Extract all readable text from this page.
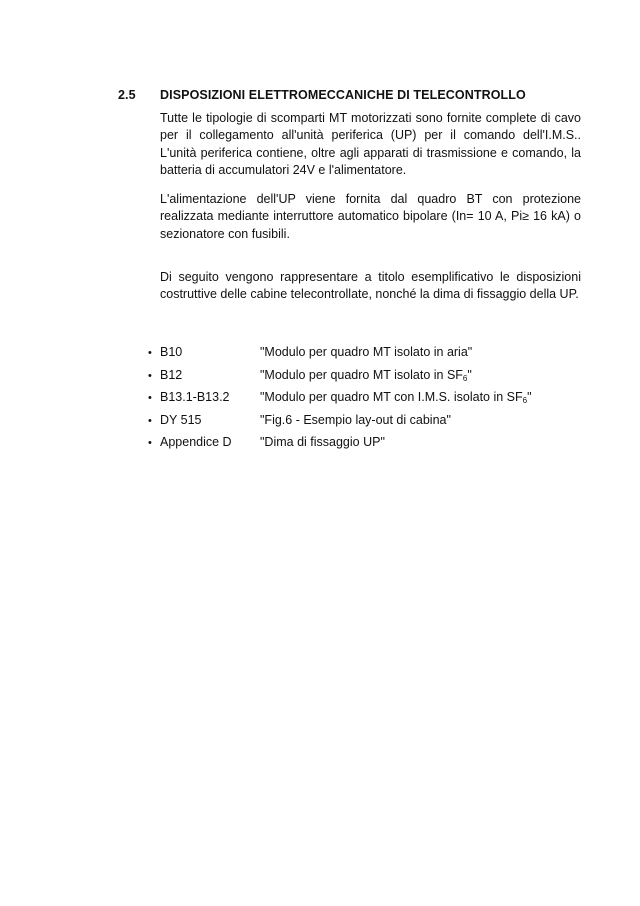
2.5	DISPOSIZIONI ELETTROMECCANICHE DI TELECONTROLLO
Tutte le tipologie di scomparti MT motorizzati sono fornite complete di cavo per il collegamento all'unità periferica (UP) per il comando dell'I.M.S.. L'unità periferica contiene, oltre agli apparati di trasmissione e comando, la batteria di accumulatori 24V e l'alimentatore.
L'alimentazione dell'UP viene fornita dal quadro BT con protezione realizzata mediante interruttore automatico bipolare (In= 10 A, Pi≥ 16 kA) o sezionatore con fusibili.
Di seguito vengono rappresentare a titolo esemplificativo le disposizioni costruttive delle cabine telecontrollate, nonché la dima di fissaggio della UP.
• B10	"Modulo per quadro MT isolato in aria"
• B12	"Modulo per quadro MT isolato in $SF_6$"
• B13.1-B13.2	"Modulo per quadro MT con I.M.S. isolato in $SF_6$"
• DY 515	"Fig.6 - Esempio lay-out di cabina"
• Appendice D	"Dima di fissaggio UP"
